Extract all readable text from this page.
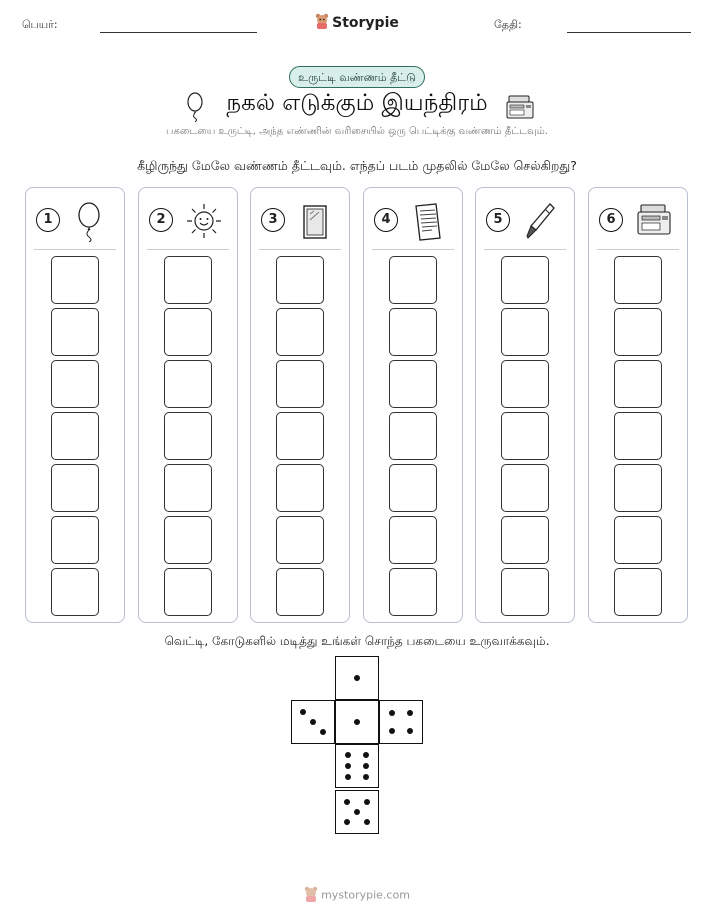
பெயர்:	Storypie	தேதி:
உருட்டி வண்ணம் தீட்டு
நகல் எடுக்கும் இயந்திரம்
பகடையை உருட்டி, அந்த எண்ணின் வரிசையில் ஒரு பெட்டிக்கு வண்ணம் தீட்டவும்.
கீழிருந்து மேலே வண்ணம் தீட்டவும். எந்தப் படம் முதலில் மேலே செல்கிறது?
1	2	3	4	5	6
வெட்டி, கோடுகளில் மடித்து உங்கள் சொந்த பகடையை உருவாக்கவும்.
mystorypie.com
